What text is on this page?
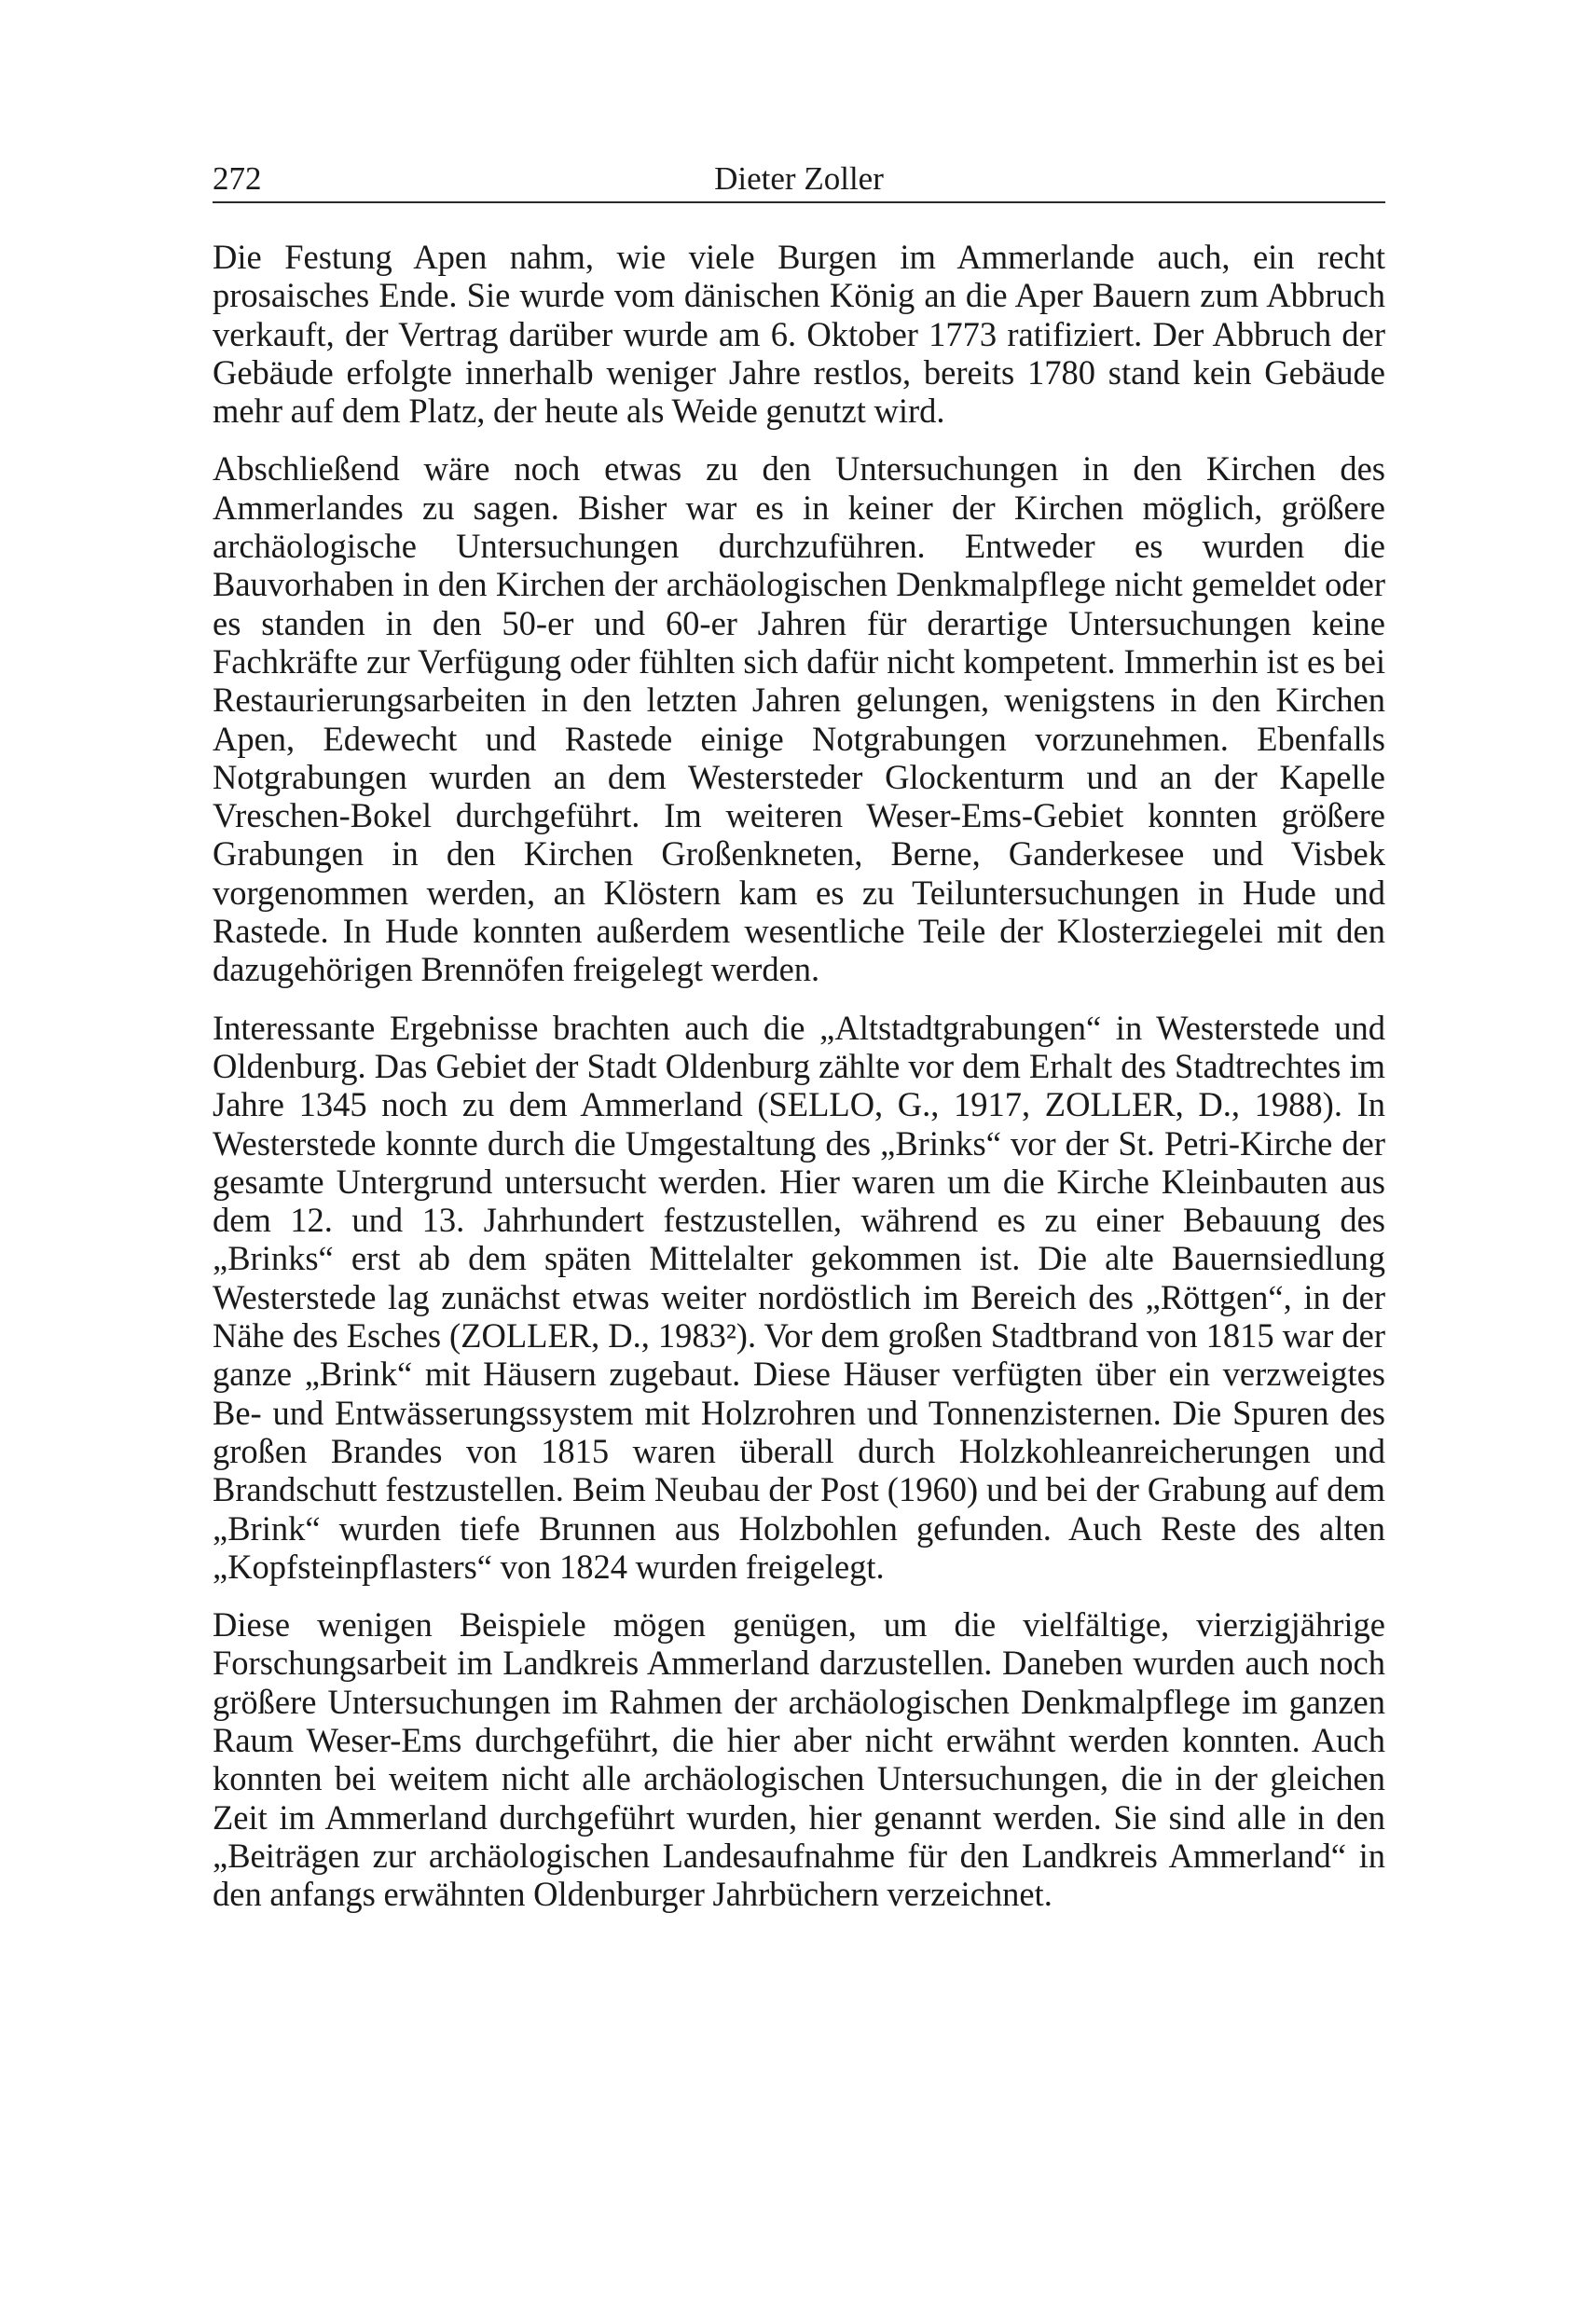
272	Dieter Zoller

Die Festung Apen nahm, wie viele Burgen im Ammerlande auch, ein recht prosaisches Ende. Sie wurde vom dänischen König an die Aper Bauern zum Abbruch verkauft, der Vertrag darüber wurde am 6. Oktober 1773 ratifiziert. Der Abbruch der Gebäude erfolgte innerhalb weniger Jahre restlos, bereits 1780 stand kein Gebäude mehr auf dem Platz, der heute als Weide genutzt wird.

Abschließend wäre noch etwas zu den Untersuchungen in den Kirchen des Ammerlandes zu sagen. Bisher war es in keiner der Kirchen möglich, größere archäologische Untersuchungen durchzuführen. Entweder es wurden die Bauvorhaben in den Kirchen der archäologischen Denkmalpflege nicht gemeldet oder es standen in den 50-er und 60-er Jahren für derartige Untersuchungen keine Fachkräfte zur Verfügung oder fühlten sich dafür nicht kompetent. Immerhin ist es bei Restaurierungsarbeiten in den letzten Jahren gelungen, wenigstens in den Kirchen Apen, Edewecht und Rastede einige Notgrabungen vorzunehmen. Ebenfalls Notgrabungen wurden an dem Westersteder Glockenturm und an der Kapelle Vreschen-Bokel durchgeführt. Im weiteren Weser-Ems-Gebiet konnten größere Grabungen in den Kirchen Großenkneten, Berne, Ganderkesee und Visbek vorgenommen werden, an Klöstern kam es zu Teiluntersuchungen in Hude und Rastede. In Hude konnten außerdem wesentliche Teile der Klosterziegelei mit den dazugehörigen Brennöfen freigelegt werden.

Interessante Ergebnisse brachten auch die „Altstadtgrabungen“ in Westerstede und Oldenburg. Das Gebiet der Stadt Oldenburg zählte vor dem Erhalt des Stadtrechtes im Jahre 1345 noch zu dem Ammerland (SELLO, G., 1917, ZOLLER, D., 1988). In Westerstede konnte durch die Umgestaltung des „Brinks“ vor der St. Petri-Kirche der gesamte Untergrund untersucht werden. Hier waren um die Kirche Kleinbauten aus dem 12. und 13. Jahrhundert festzustellen, während es zu einer Bebauung des „Brinks“ erst ab dem späten Mittelalter gekommen ist. Die alte Bauernsiedlung Westerstede lag zunächst etwas weiter nordöstlich im Bereich des „Röttgen“, in der Nähe des Esches (ZOLLER, D., 1983²). Vor dem großen Stadtbrand von 1815 war der ganze „Brink“ mit Häusern zugebaut. Diese Häuser verfügten über ein verzweigtes Be- und Entwässerungssystem mit Holzrohren und Tonnenzisternen. Die Spuren des großen Brandes von 1815 waren überall durch Holzkohleanreicherungen und Brandschutt festzustellen. Beim Neubau der Post (1960) und bei der Grabung auf dem „Brink“ wurden tiefe Brunnen aus Holzbohlen gefunden. Auch Reste des alten „Kopfsteinpflasters“ von 1824 wurden freigelegt.

Diese wenigen Beispiele mögen genügen, um die vielfältige, vierzigjährige Forschungsarbeit im Landkreis Ammerland darzustellen. Daneben wurden auch noch größere Untersuchungen im Rahmen der archäologischen Denkmalpflege im ganzen Raum Weser-Ems durchgeführt, die hier aber nicht erwähnt werden konnten. Auch konnten bei weitem nicht alle archäologischen Untersuchungen, die in der gleichen Zeit im Ammerland durchgeführt wurden, hier genannt werden. Sie sind alle in den „Beiträgen zur archäologischen Landesaufnahme für den Landkreis Ammerland“ in den anfangs erwähnten Oldenburger Jahrbüchern verzeichnet.
